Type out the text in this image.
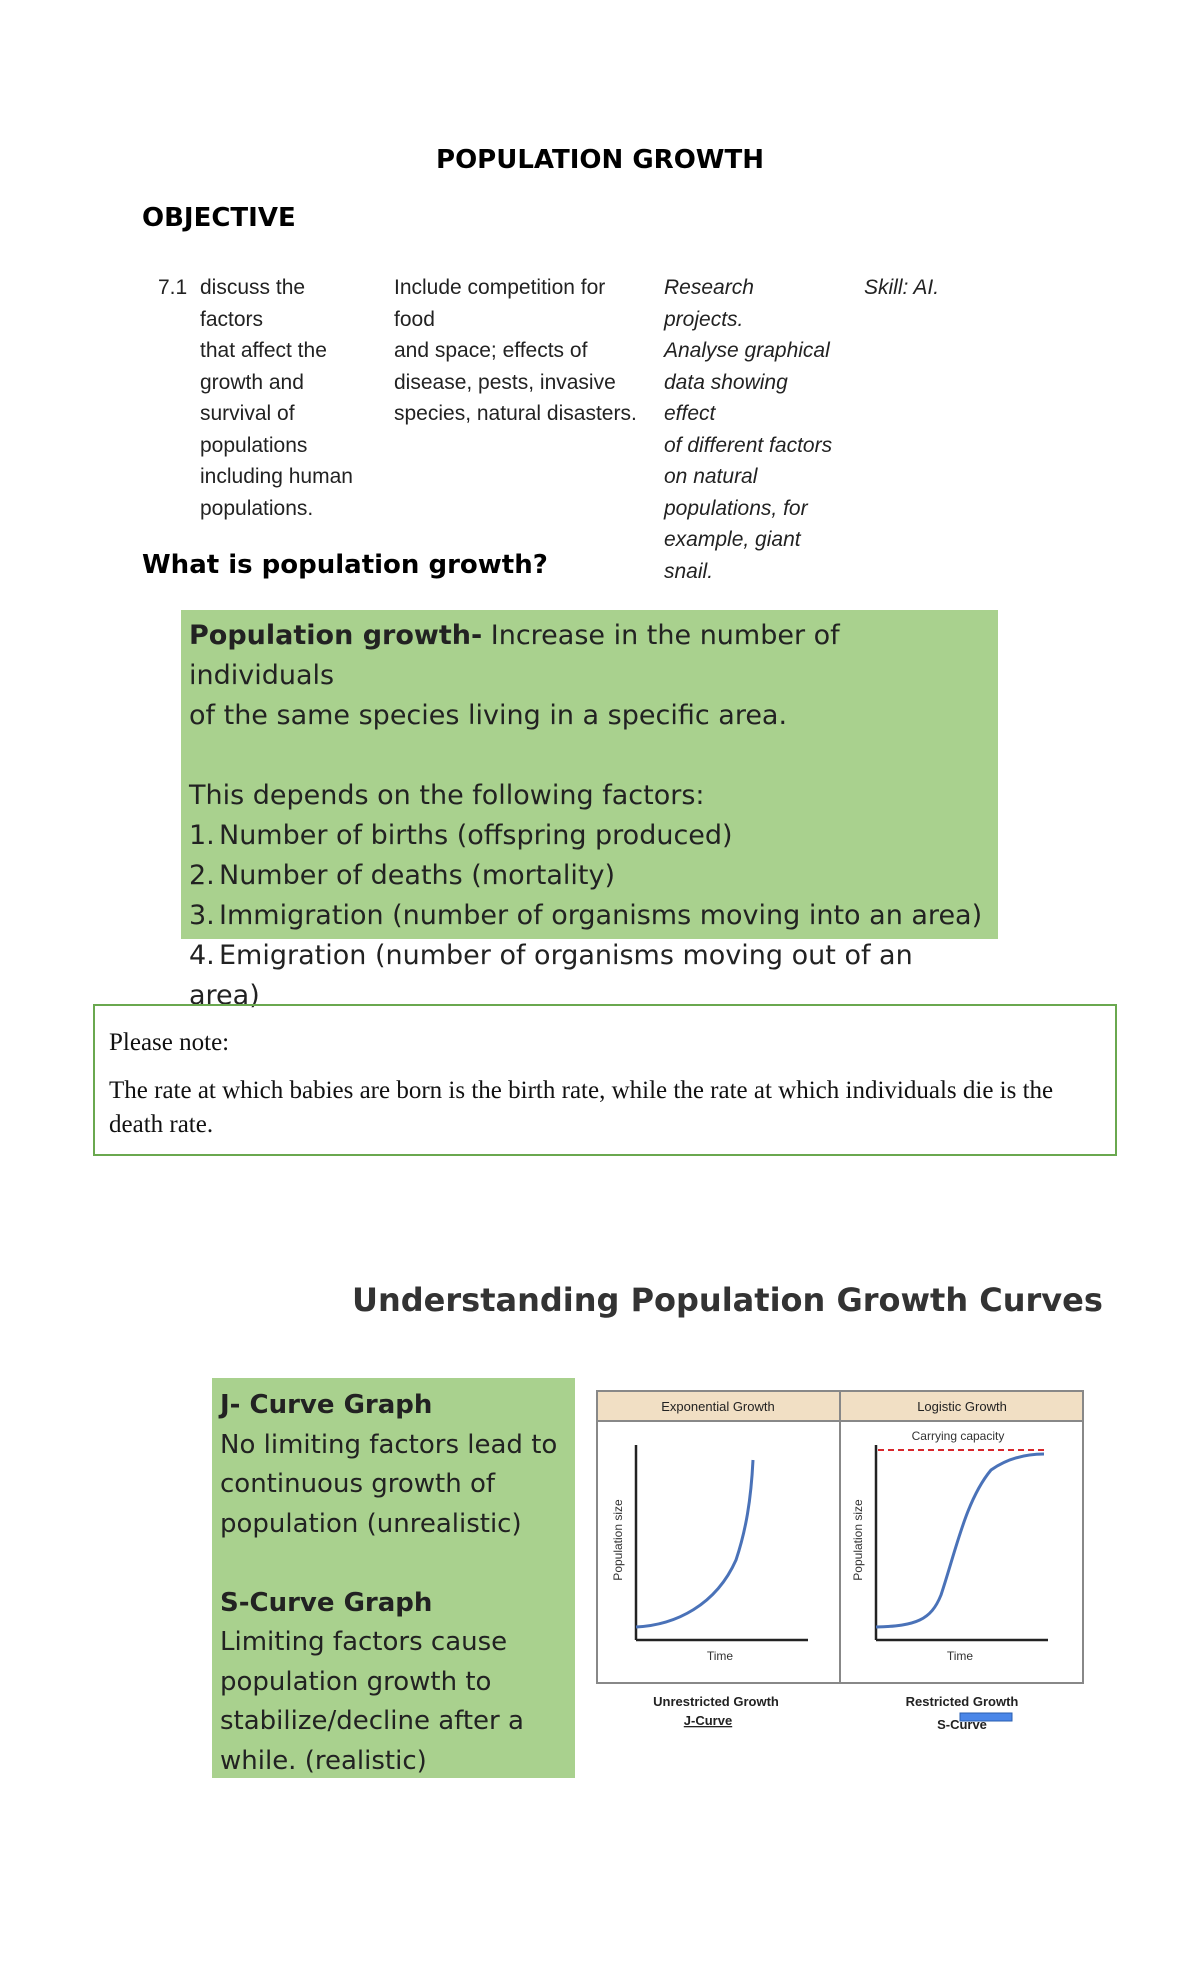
POPULATION GROWTH
OBJECTIVE
7.1 discuss the factors
that affect the
growth and
survival of
populations
including human
populations.
Include competition for food
and space; effects of
disease, pests, invasive
species, natural disasters.
Research projects.
Analyse graphical
data showing effect
of different factors
on natural
populations, for
example, giant
snail.
Skill: AI.
What is population growth?
Population growth- Increase in the number of individuals
of the same species living in a specific area.
This depends on the following factors:
1. Number of births (offspring produced)
2. Number of deaths (mortality)
3. Immigration (number of organisms moving into an area)
4. Emigration (number of organisms moving out of an area)

Please note:

The rate at which babies are born is the birth rate, while the rate at which individuals die is the death rate.

Understanding Population Growth Curves
J- Curve Graph
No limiting factors lead to
continuous growth of
population (unrealistic)
S-Curve Graph
Limiting factors cause
population growth to
stabilize/decline after a
while. (realistic)
Exponential Growth	Logistic Growth
Population size
Time
Population size
Time
Carrying capacity
Unrestricted Growth
J-Curve
Restricted Growth
S-Curve
